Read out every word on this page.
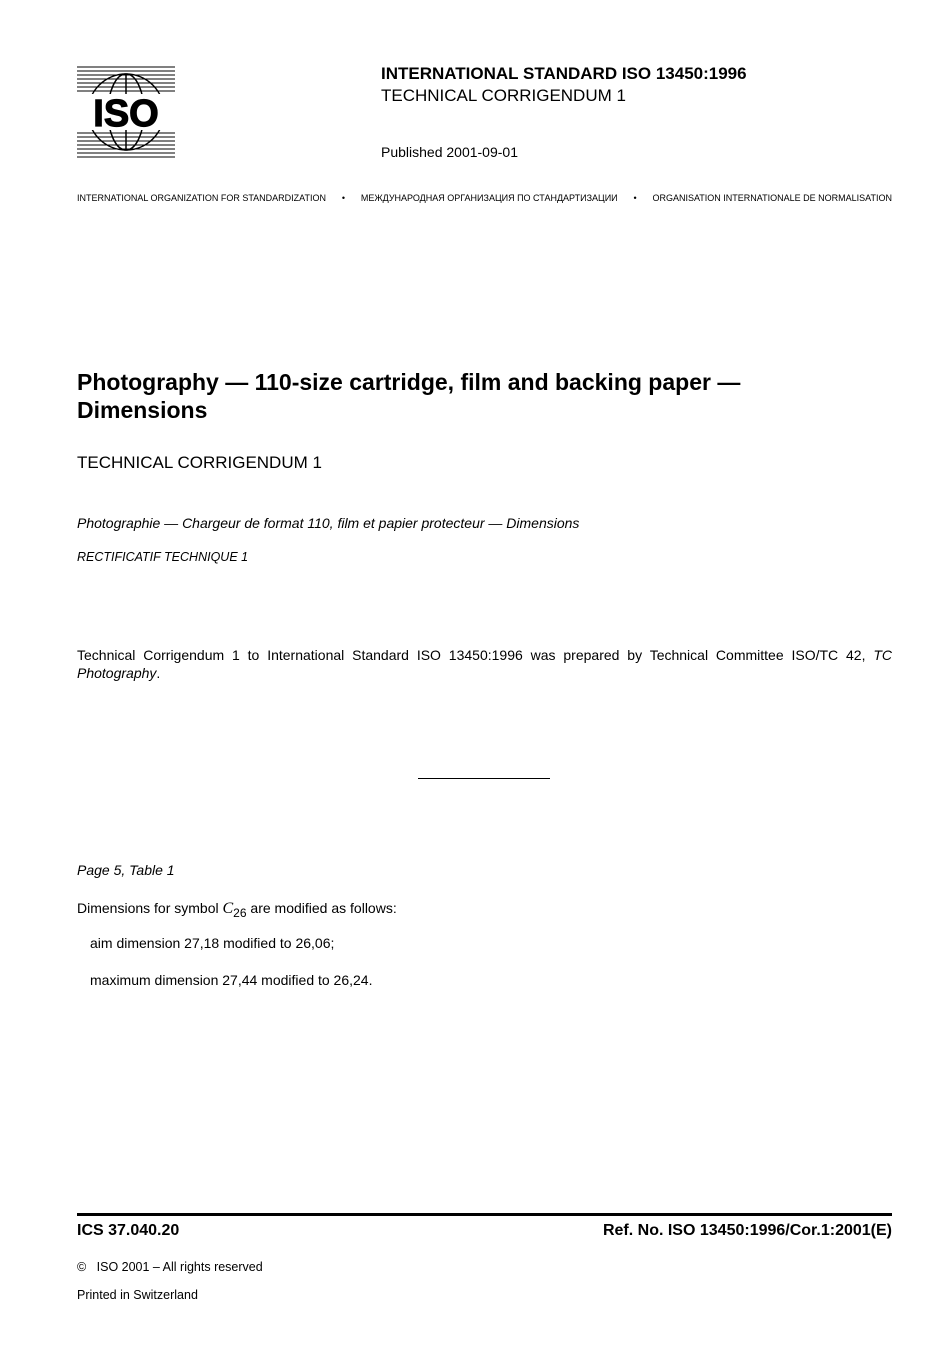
ISO
INTERNATIONAL STANDARD ISO 13450:1996
TECHNICAL CORRIGENDUM 1
Published 2001-09-01
INTERNATIONAL ORGANIZATION FOR STANDARDIZATION • МЕЖДУНАРОДНАЯ ОРГАНИЗАЦИЯ ПО СТАНДАРТИЗАЦИИ • ORGANISATION INTERNATIONALE DE NORMALISATION
Photography — 110-size cartridge, film and backing paper —
Dimensions
TECHNICAL CORRIGENDUM 1
Photographie — Chargeur de format 110, film et papier protecteur — Dimensions
RECTIFICATIF TECHNIQUE 1
Technical Corrigendum 1 to International Standard ISO 13450:1996 was prepared by Technical Committee ISO/TC 42, TC Photography.
Page 5, Table 1
Dimensions for symbol C26 are modified as follows:
aim dimension 27,18 modified to 26,06;
maximum dimension 27,44 modified to 26,24.
ICS 37.040.20	Ref. No. ISO 13450:1996/Cor.1:2001(E)
© ISO 2001 – All rights reserved
Printed in Switzerland
